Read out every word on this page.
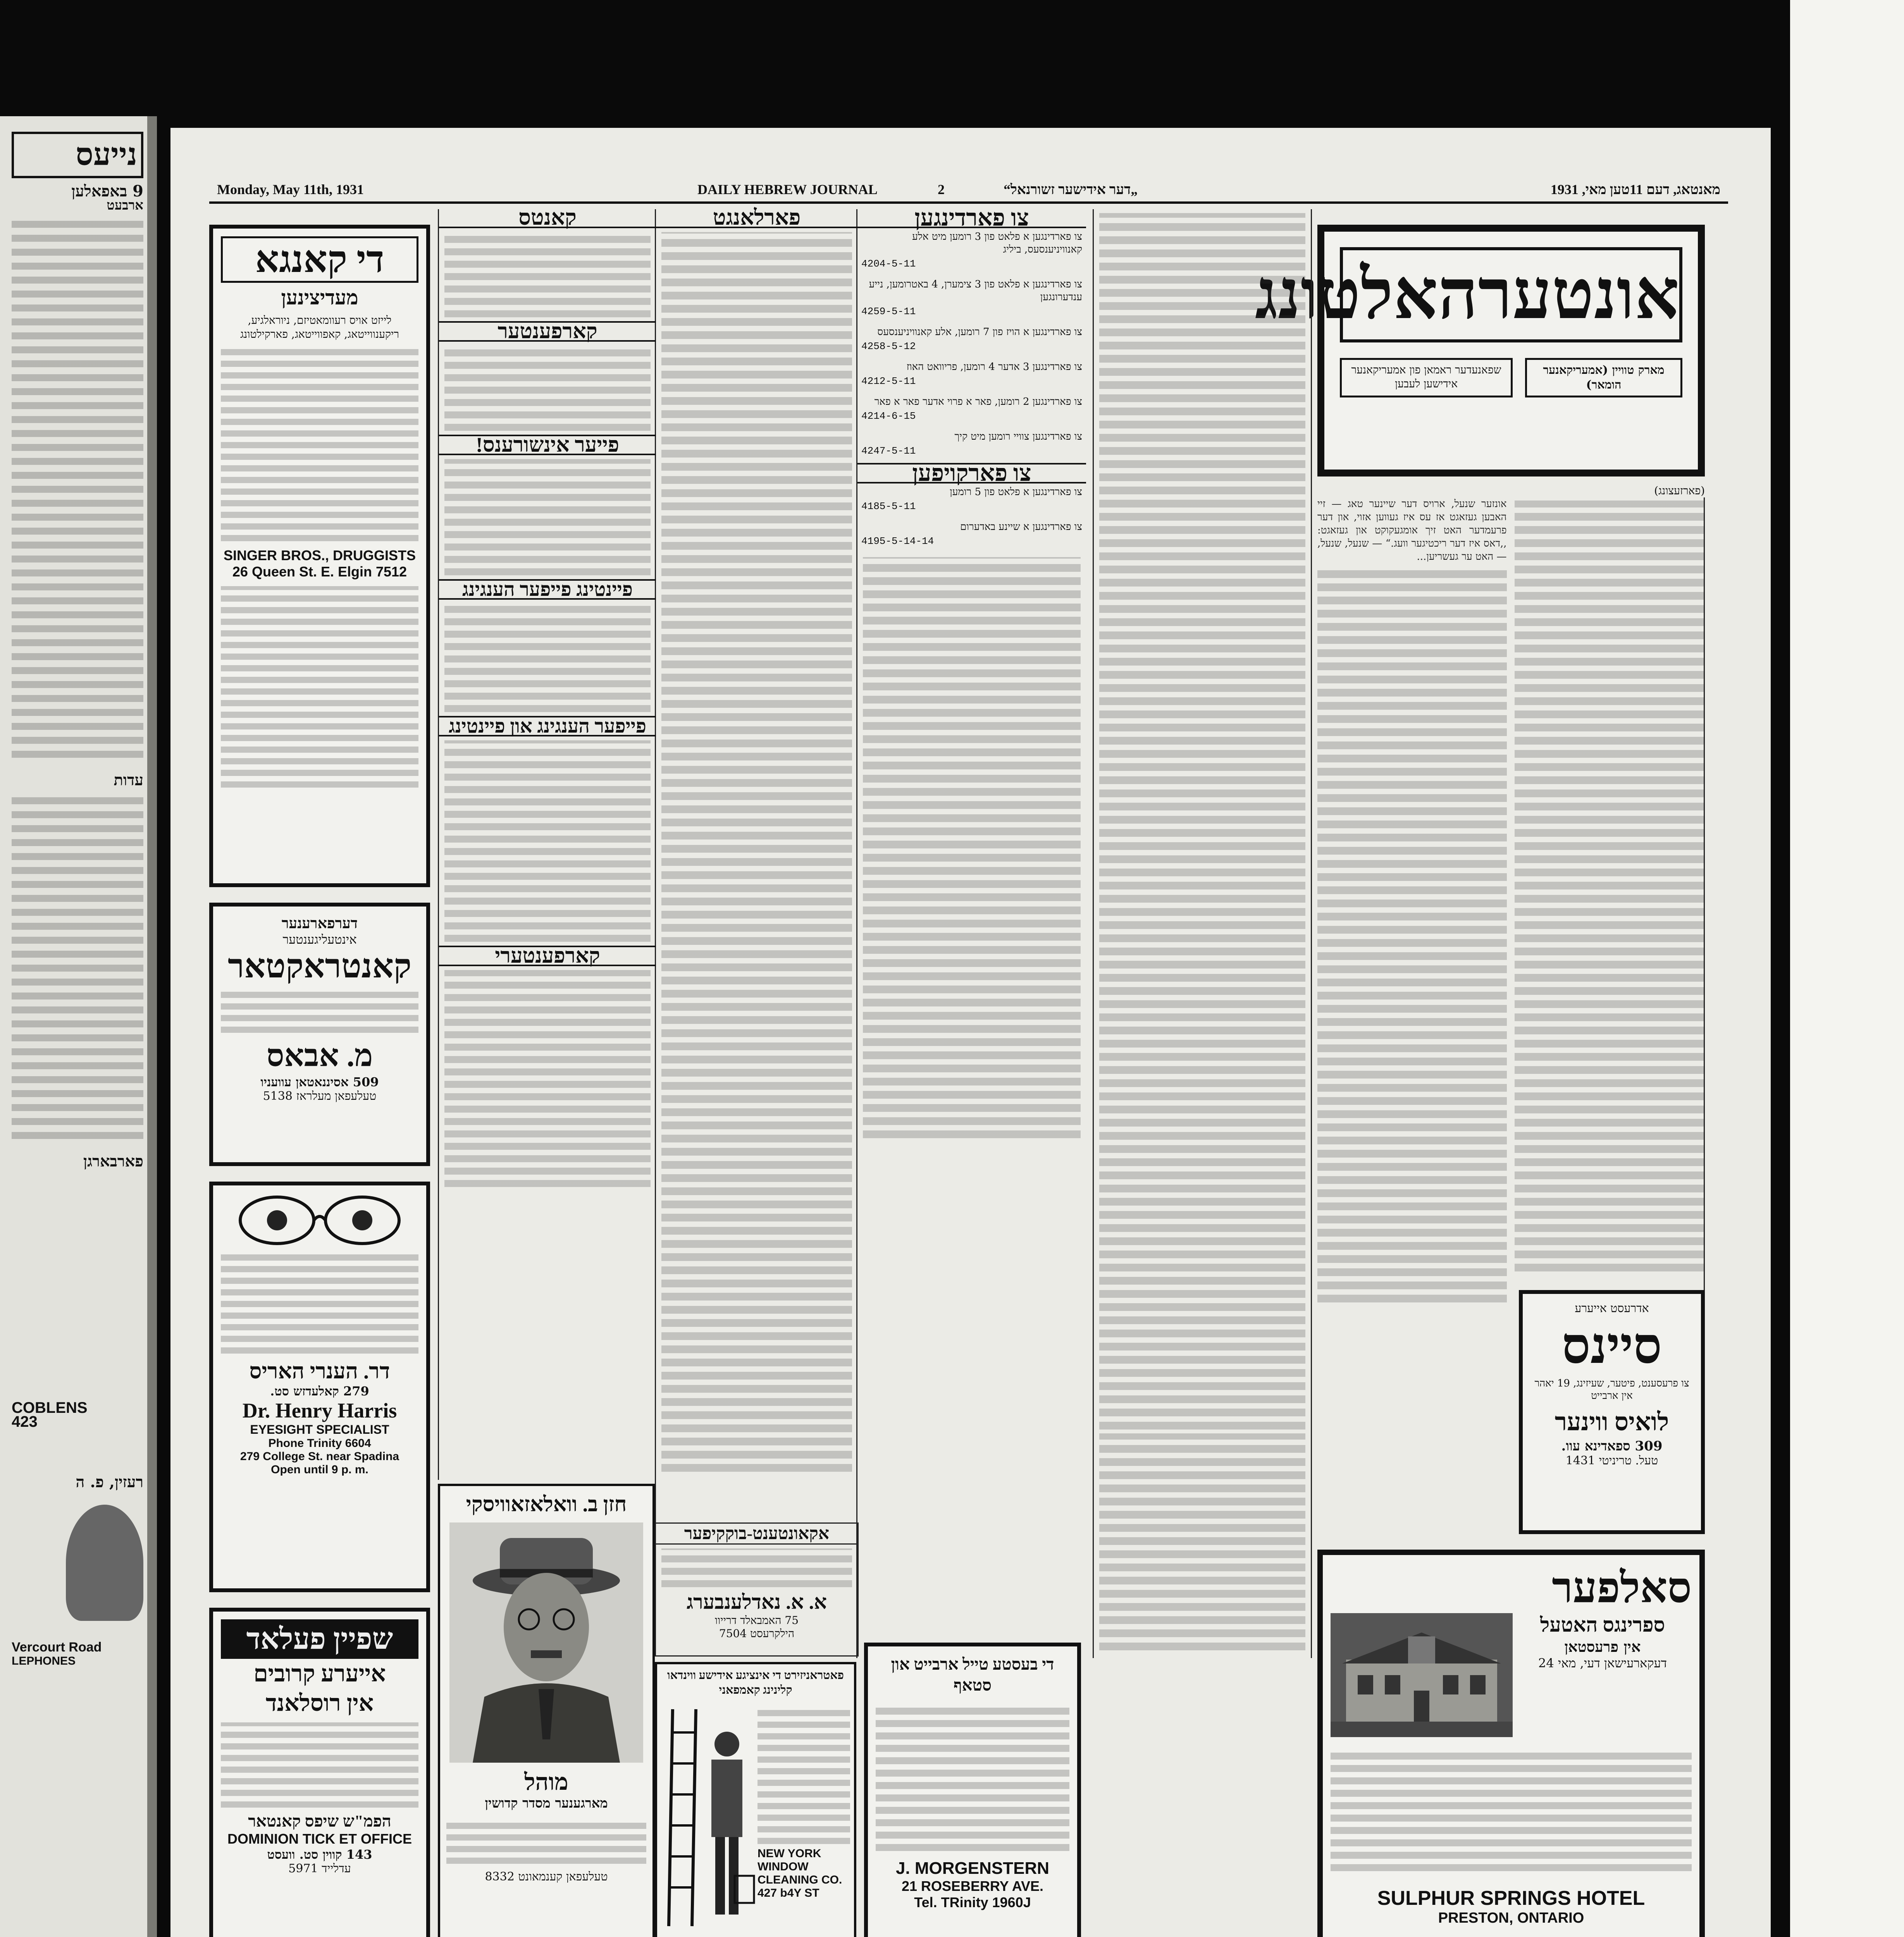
נייעס
9 באפאלען
ארבעט
עדות
פארבארגן
COBLENS
423
רעזין, פ. ה
Vercourt Road
LEPHONES
Monday, May 11th, 1931	DAILY HEBREW JOURNAL	2	„דער אידישער זשורנאל“	מאנטאג, דעם 11טען מאי, 1931
אונטערהאלטונג
שפאנעדער ראמאן פון אמעריקאנער אידישען לעבען
מארק טוויין (אמעריקאנער הומאר)
(פארזעצונג)
אונזער שנעל, ארויס דער שיינער טאג — זיי האבען געזאגט אז עס איז געווען אזוי, און דער פרעמדער האט זיך אומגעקוקט און געזאגט: ,,דאס איז דער ריכטיגער וועג.“ — שנעל, שנעל, — האט ער געשריען...
אדרעסט אייערע
סיינס
צו פרעסענט, פיטער, שעיזינג, 19 יאהר אין ארבייט
לואיס ווינער
309 ספאדינא עוו.
טעל. טריניטי 1431
סאלפער
ספרינגס האטעל
אין פרעסטאן
דעקארעישאן דעי, מאי 24
SULPHUR SPRINGS HOTEL
PRESTON, ONTARIO
צו פארדינגען
צו פארדינגען א פלאט פון 3 רומען מיט אלע קאנוויניענסעס, ביליג
4204-5-11
צו פארדינגען א פלאט פון 3 צימערן, 4 באטרומען, נייע ענדערונגען
4259-5-11
צו פארדינגען א הויז פון 7 רומען, אלע קאנוויניענסעס
4258-5-12
צו פארדינגען 3 אדער 4 רומען, פריוואט האוז
4212-5-11
צו פארדינגען 2 רומען, פאר א פרוי אדער פאר א פאר
4214-6-15
צו פארדינגען צוויי רומען מיט קיך
4247-5-11
צו פארקויפען
צו פארדינגען א פלאט פון 5 רומען
4185-5-11
צו פארדינגען א שיינע באדערום
4195-5-14-14
די בעסטע טייל ארבייט און סטאף
J. MORGENSTERN
21 ROSEBERRY AVE.
Tel. TRinity 1960J
פארלאנגט
אקאונטענט-בוקקיפער
א. א. נאדלענבערג
75 האמבאלד דרייוו
הילקרעסט 7504
פאטראניזירט די אינציגע אידישע ווינדאו קלינינג קאמפאני
NEW YORK
WINDOW
CLEANING CO.
427 b4Y ST
קאנטס
קארפענטער
פייער אינשורענס!
פיינטינג פייפער הענגינג
פייפער הענגינג און פיינטינג
קארפענטערי
חזן ב. וואלאזאוויסקי
מוהל
מארגענער מסדר קדושין
טעלעפאן קענמאונט 8332
די קאנגא
מעדיצינען
לייזט אויס רעוומאטיזם, ניוראלגיע, ריקענווייטאג, קאפווייטאג, פארקילטונג
SINGER BROS., DRUGGISTS
26 Queen St. E. Elgin 7512
דערפארענער
אינטעליגענטער
קאנטראקטאר
מ. אבאס
509 אסיננאטאן עוועניו
טעלעפאן מעלראז 5138
דר. הענרי האריס
279 קאלעדזש סט.
Dr. Henry Harris
EYESIGHT SPECIALIST
Phone Trinity 6604
279 College St. near Spadina
Open until 9 p. m.
שפיין פעלאד
אייערע קרובים
אין רוסלאנד
הפמ"ש שיפס קאנטאר
DOMINION TICK ET OFFICE
143 קווין סט. וועסט
עדלייד 5971
